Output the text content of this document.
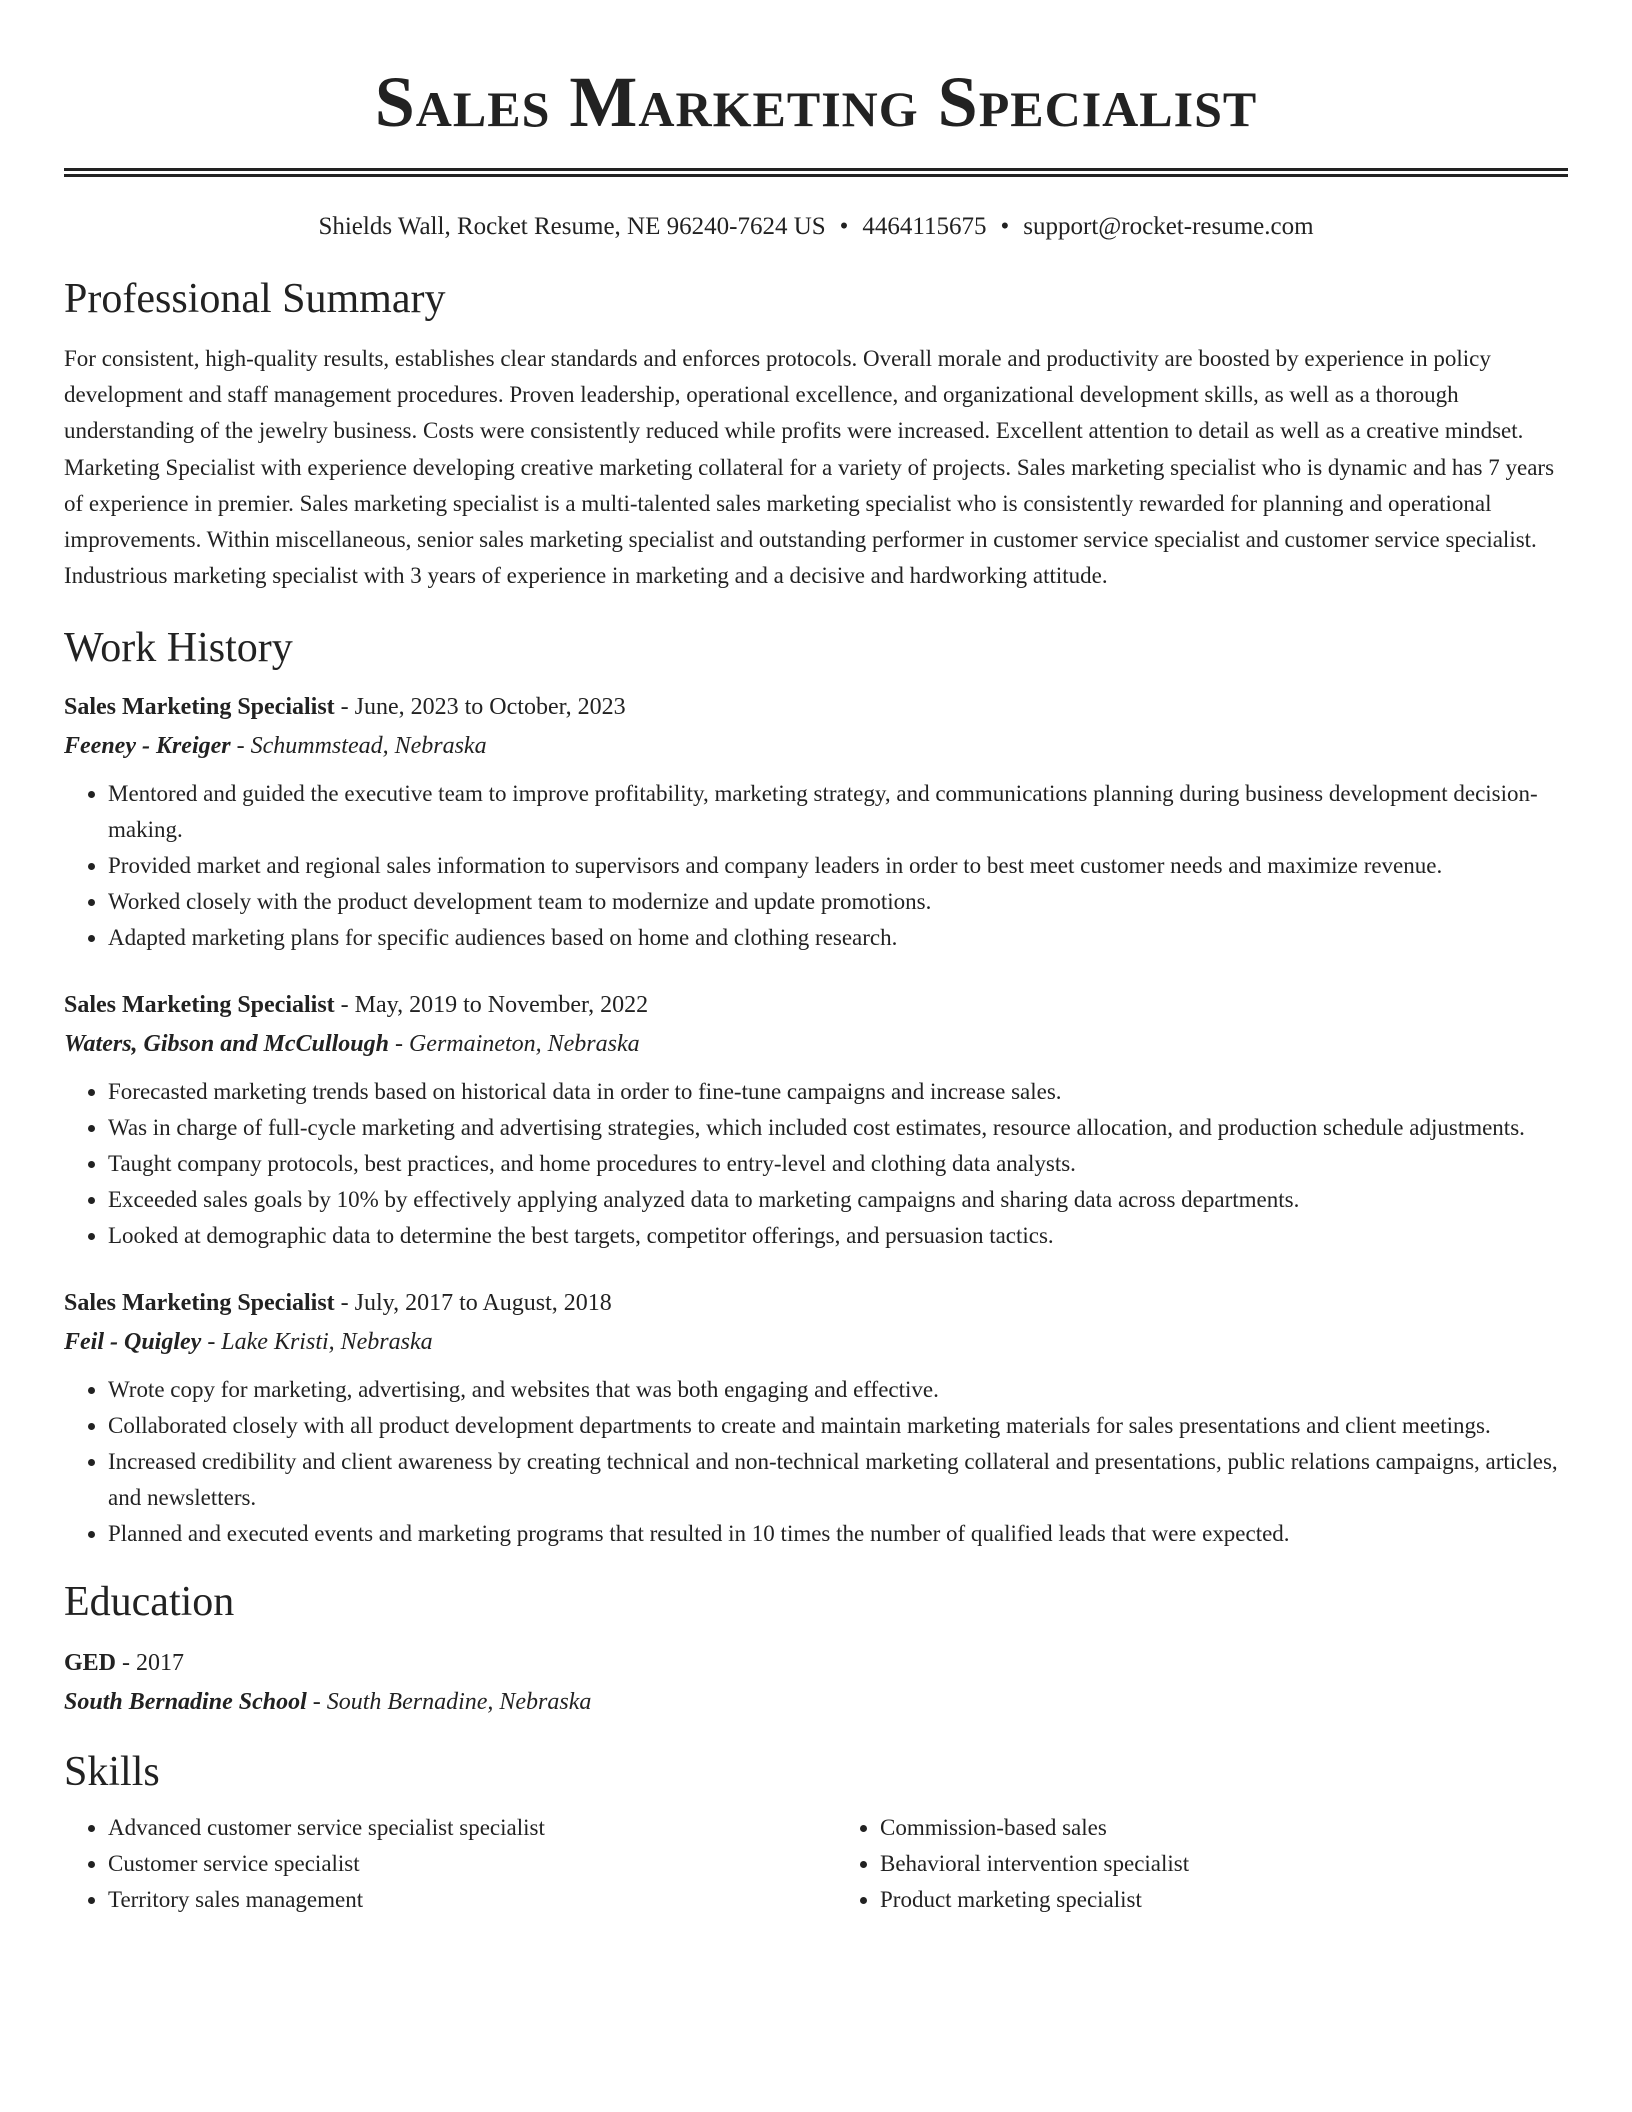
Sales Marketing Specialist
Shields Wall, Rocket Resume, NE 96240-7624 US • 4464115675 • support@rocket-resume.com
Professional Summary

For consistent, high-quality results, establishes clear standards and enforces protocols. Overall morale and productivity are boosted by experience in policy development and staff management procedures. Proven leadership, operational excellence, and organizational development skills, as well as a thorough understanding of the jewelry business. Costs were consistently reduced while profits were increased. Excellent attention to detail as well as a creative mindset. Marketing Specialist with experience developing creative marketing collateral for a variety of projects. Sales marketing specialist who is dynamic and has 7 years of experience in premier. Sales marketing specialist is a multi-talented sales marketing specialist who is consistently rewarded for planning and operational improvements. Within miscellaneous, senior sales marketing specialist and outstanding performer in customer service specialist and customer service specialist. Industrious marketing specialist with 3 years of experience in marketing and a decisive and hardworking attitude.

Work History
Sales Marketing Specialist - June, 2023 to October, 2023
Feeney - Kreiger - Schummstead, Nebraska
• Mentored and guided the executive team to improve profitability, marketing strategy, and communications planning during business development decision-making.
• Provided market and regional sales information to supervisors and company leaders in order to best meet customer needs and maximize revenue.
• Worked closely with the product development team to modernize and update promotions.
• Adapted marketing plans for specific audiences based on home and clothing research.
Sales Marketing Specialist - May, 2019 to November, 2022
Waters, Gibson and McCullough - Germaineton, Nebraska
• Forecasted marketing trends based on historical data in order to fine-tune campaigns and increase sales.
• Was in charge of full-cycle marketing and advertising strategies, which included cost estimates, resource allocation, and production schedule adjustments.
• Taught company protocols, best practices, and home procedures to entry-level and clothing data analysts.
• Exceeded sales goals by 10% by effectively applying analyzed data to marketing campaigns and sharing data across departments.
• Looked at demographic data to determine the best targets, competitor offerings, and persuasion tactics.
Sales Marketing Specialist - July, 2017 to August, 2018
Feil - Quigley - Lake Kristi, Nebraska
• Wrote copy for marketing, advertising, and websites that was both engaging and effective.
• Collaborated closely with all product development departments to create and maintain marketing materials for sales presentations and client meetings.
• Increased credibility and client awareness by creating technical and non-technical marketing collateral and presentations, public relations campaigns, articles, and newsletters.
• Planned and executed events and marketing programs that resulted in 10 times the number of qualified leads that were expected.
Education
GED - 2017
South Bernadine School - South Bernadine, Nebraska
Skills
• Advanced customer service specialist specialist
• Customer service specialist
• Territory sales management
• Commission-based sales
• Behavioral intervention specialist
• Product marketing specialist
